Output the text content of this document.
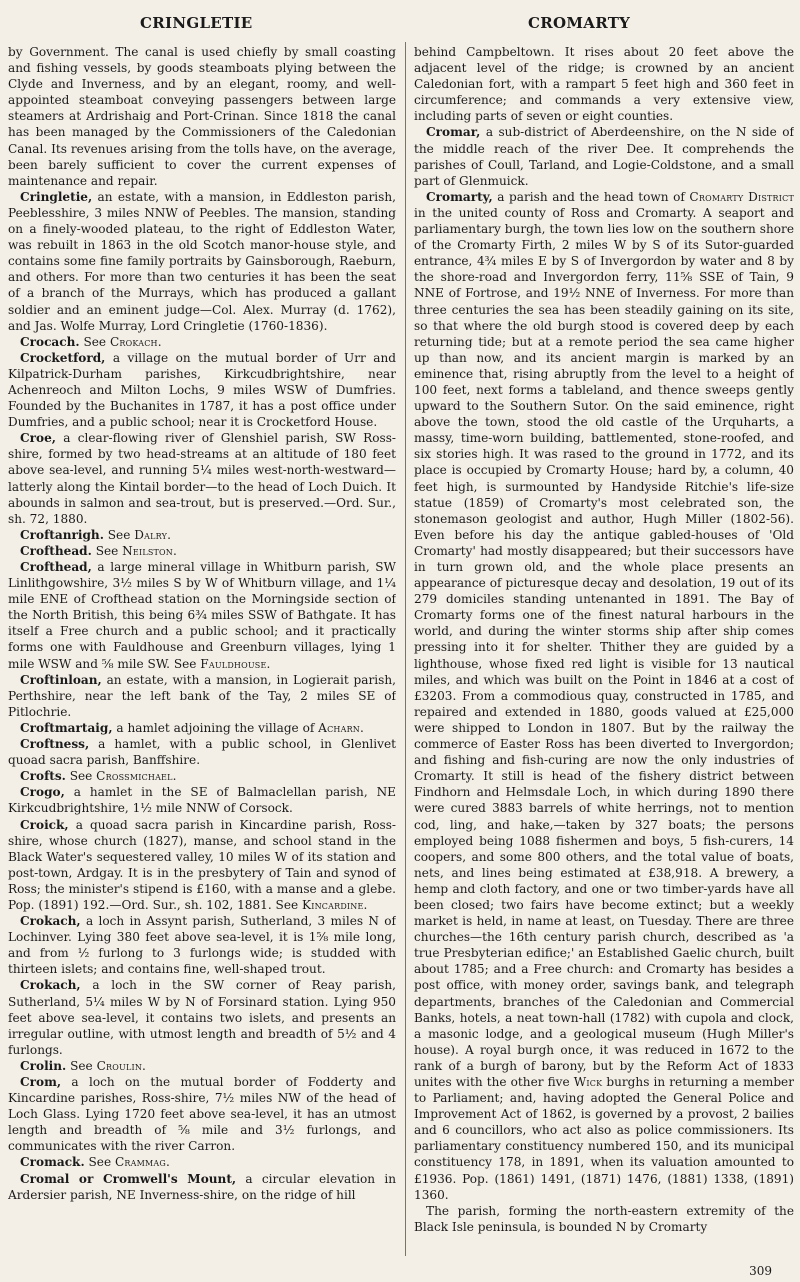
CRINGLETIE	CROMARTY

by Government. The canal is used chiefly by small coasting and fishing vessels, by goods steamboats plying between the Clyde and Inverness, and by an elegant, roomy, and well-appointed steamboat conveying passengers between large steamers at Ardrishaig and Port-Crinan. Since 1818 the canal has been managed by the Commissioners of the Caledonian Canal. Its revenues arising from the tolls have, on the average, been barely sufficient to cover the current expenses of maintenance and repair.

Cringletie, an estate, with a mansion, in Eddleston parish, Peeblesshire, 3 miles NNW of Peebles. The mansion, standing on a finely-wooded plateau, to the right of Eddleston Water, was rebuilt in 1863 in the old Scotch manor-house style, and contains some fine family portraits by Gainsborough, Raeburn, and others. For more than two centuries it has been the seat of a branch of the Murrays, which has produced a gallant soldier and an eminent judge—Col. Alex. Murray (d. 1762), and Jas. Wolfe Murray, Lord Cringletie (1760-1836).

Crocach. See Crokach.

Crocketford, a village on the mutual border of Urr and Kilpatrick-Durham parishes, Kirkcudbrightshire, near Achenreoch and Milton Lochs, 9 miles WSW of Dumfries. Founded by the Buchanites in 1787, it has a post office under Dumfries, and a public school; near it is Crocketford House.

Croe, a clear-flowing river of Glenshiel parish, SW Ross-shire, formed by two head-streams at an altitude of 180 feet above sea-level, and running 5¼ miles west-north-westward—latterly along the Kintail border—to the head of Loch Duich. It abounds in salmon and sea-trout, but is preserved.—Ord. Sur., sh. 72, 1880.

Croftanrigh. See Dalry.

Crofthead. See Neilston.

Crofthead, a large mineral village in Whitburn parish, SW Linlithgowshire, 3½ miles S by W of Whitburn village, and 1¼ mile ENE of Crofthead station on the Morningside section of the North British, this being 6¾ miles SSW of Bathgate. It has itself a Free church and a public school; and it practically forms one with Fauldhouse and Greenburn villages, lying 1 mile WSW and ⅝ mile SW. See Fauldhouse.

Croftinloan, an estate, with a mansion, in Logierait parish, Perthshire, near the left bank of the Tay, 2 miles SE of Pitlochrie.

Croftmartaig, a hamlet adjoining the village of Acharn.

Croftness, a hamlet, with a public school, in Glenlivet quoad sacra parish, Banffshire.

Crofts. See Crossmichael.

Crogo, a hamlet in the SE of Balmaclellan parish, NE Kirkcudbrightshire, 1½ mile NNW of Corsock.

Croick, a quoad sacra parish in Kincardine parish, Ross-shire, whose church (1827), manse, and school stand in the Black Water's sequestered valley, 10 miles W of its station and post-town, Ardgay. It is in the presbytery of Tain and synod of Ross; the minister's stipend is £160, with a manse and a glebe. Pop. (1891) 192.—Ord. Sur., sh. 102, 1881. See Kincardine.

Crokach, a loch in Assynt parish, Sutherland, 3 miles N of Lochinver. Lying 380 feet above sea-level, it is 1⅝ mile long, and from ½ furlong to 3 furlongs wide; is studded with thirteen islets; and contains fine, well-shaped trout.

Crokach, a loch in the SW corner of Reay parish, Sutherland, 5¼ miles W by N of Forsinard station. Lying 950 feet above sea-level, it contains two islets, and presents an irregular outline, with utmost length and breadth of 5½ and 4 furlongs.

Crolin. See Croulin.

Crom, a loch on the mutual border of Fodderty and Kincardine parishes, Ross-shire, 7½ miles NW of the head of Loch Glass. Lying 1720 feet above sea-level, it has an utmost length and breadth of ⅝ mile and 3½ furlongs, and communicates with the river Carron.

Cromack. See Crammag.

Cromal or Cromwell's Mount, a circular elevation in Ardersier parish, NE Inverness-shire, on the ridge of hill

behind Campbeltown. It rises about 20 feet above the adjacent level of the ridge; is crowned by an ancient Caledonian fort, with a rampart 5 feet high and 360 feet in circumference; and commands a very extensive view, including parts of seven or eight counties.

Cromar, a sub-district of Aberdeenshire, on the N side of the middle reach of the river Dee. It comprehends the parishes of Coull, Tarland, and Logie-Coldstone, and a small part of Glenmuick.

Cromarty, a parish and the head town of Cromarty District in the united county of Ross and Cromarty. A seaport and parliamentary burgh, the town lies low on the southern shore of the Cromarty Firth, 2 miles W by S of its Sutor-guarded entrance, 4¾ miles E by S of Invergordon by water and 8 by the shore-road and Invergordon ferry, 11⅝ SSE of Tain, 9 NNE of Fortrose, and 19½ NNE of Inverness. For more than three centuries the sea has been steadily gaining on its site, so that where the old burgh stood is covered deep by each returning tide; but at a remote period the sea came higher up than now, and its ancient margin is marked by an eminence that, rising abruptly from the level to a height of 100 feet, next forms a tableland, and thence sweeps gently upward to the Southern Sutor. On the said eminence, right above the town, stood the old castle of the Urquharts, a massy, time-worn building, battlemented, stone-roofed, and six stories high. It was rased to the ground in 1772, and its place is occupied by Cromarty House; hard by, a column, 40 feet high, is surmounted by Handyside Ritchie's life-size statue (1859) of Cromarty's most celebrated son, the stonemason geologist and author, Hugh Miller (1802-56). Even before his day the antique gabled-houses of 'Old Cromarty' had mostly disappeared; but their successors have in turn grown old, and the whole place presents an appearance of picturesque decay and desolation, 19 out of its 279 domiciles standing untenanted in 1891. The Bay of Cromarty forms one of the finest natural harbours in the world, and during the winter storms ship after ship comes pressing into it for shelter. Thither they are guided by a lighthouse, whose fixed red light is visible for 13 nautical miles, and which was built on the Point in 1846 at a cost of £3203. From a commodious quay, constructed in 1785, and repaired and extended in 1880, goods valued at £25,000 were shipped to London in 1807. But by the railway the commerce of Easter Ross has been diverted to Invergordon; and fishing and fish-curing are now the only industries of Cromarty. It still is head of the fishery district between Findhorn and Helmsdale Loch, in which during 1890 there were cured 3883 barrels of white herrings, not to mention cod, ling, and hake,—taken by 327 boats; the persons employed being 1088 fishermen and boys, 5 fish-curers, 14 coopers, and some 800 others, and the total value of boats, nets, and lines being estimated at £38,918. A brewery, a hemp and cloth factory, and one or two timber-yards have all been closed; two fairs have become extinct; but a weekly market is held, in name at least, on Tuesday. There are three churches—the 16th century parish church, described as 'a true Presbyterian edifice;' an Established Gaelic church, built about 1785; and a Free church: and Cromarty has besides a post office, with money order, savings bank, and telegraph departments, branches of the Caledonian and Commercial Banks, hotels, a neat town-hall (1782) with cupola and clock, a masonic lodge, and a geological museum (Hugh Miller's house). A royal burgh once, it was reduced in 1672 to the rank of a burgh of barony, but by the Reform Act of 1833 unites with the other five Wick burghs in returning a member to Parliament; and, having adopted the General Police and Improvement Act of 1862, is governed by a provost, 2 bailies and 6 councillors, who act also as police commissioners. Its parliamentary constituency numbered 150, and its municipal constituency 178, in 1891, when its valuation amounted to £1936. Pop. (1861) 1491, (1871) 1476, (1881) 1338, (1891) 1360.

The parish, forming the north-eastern extremity of the Black Isle peninsula, is bounded N by Cromarty

309
